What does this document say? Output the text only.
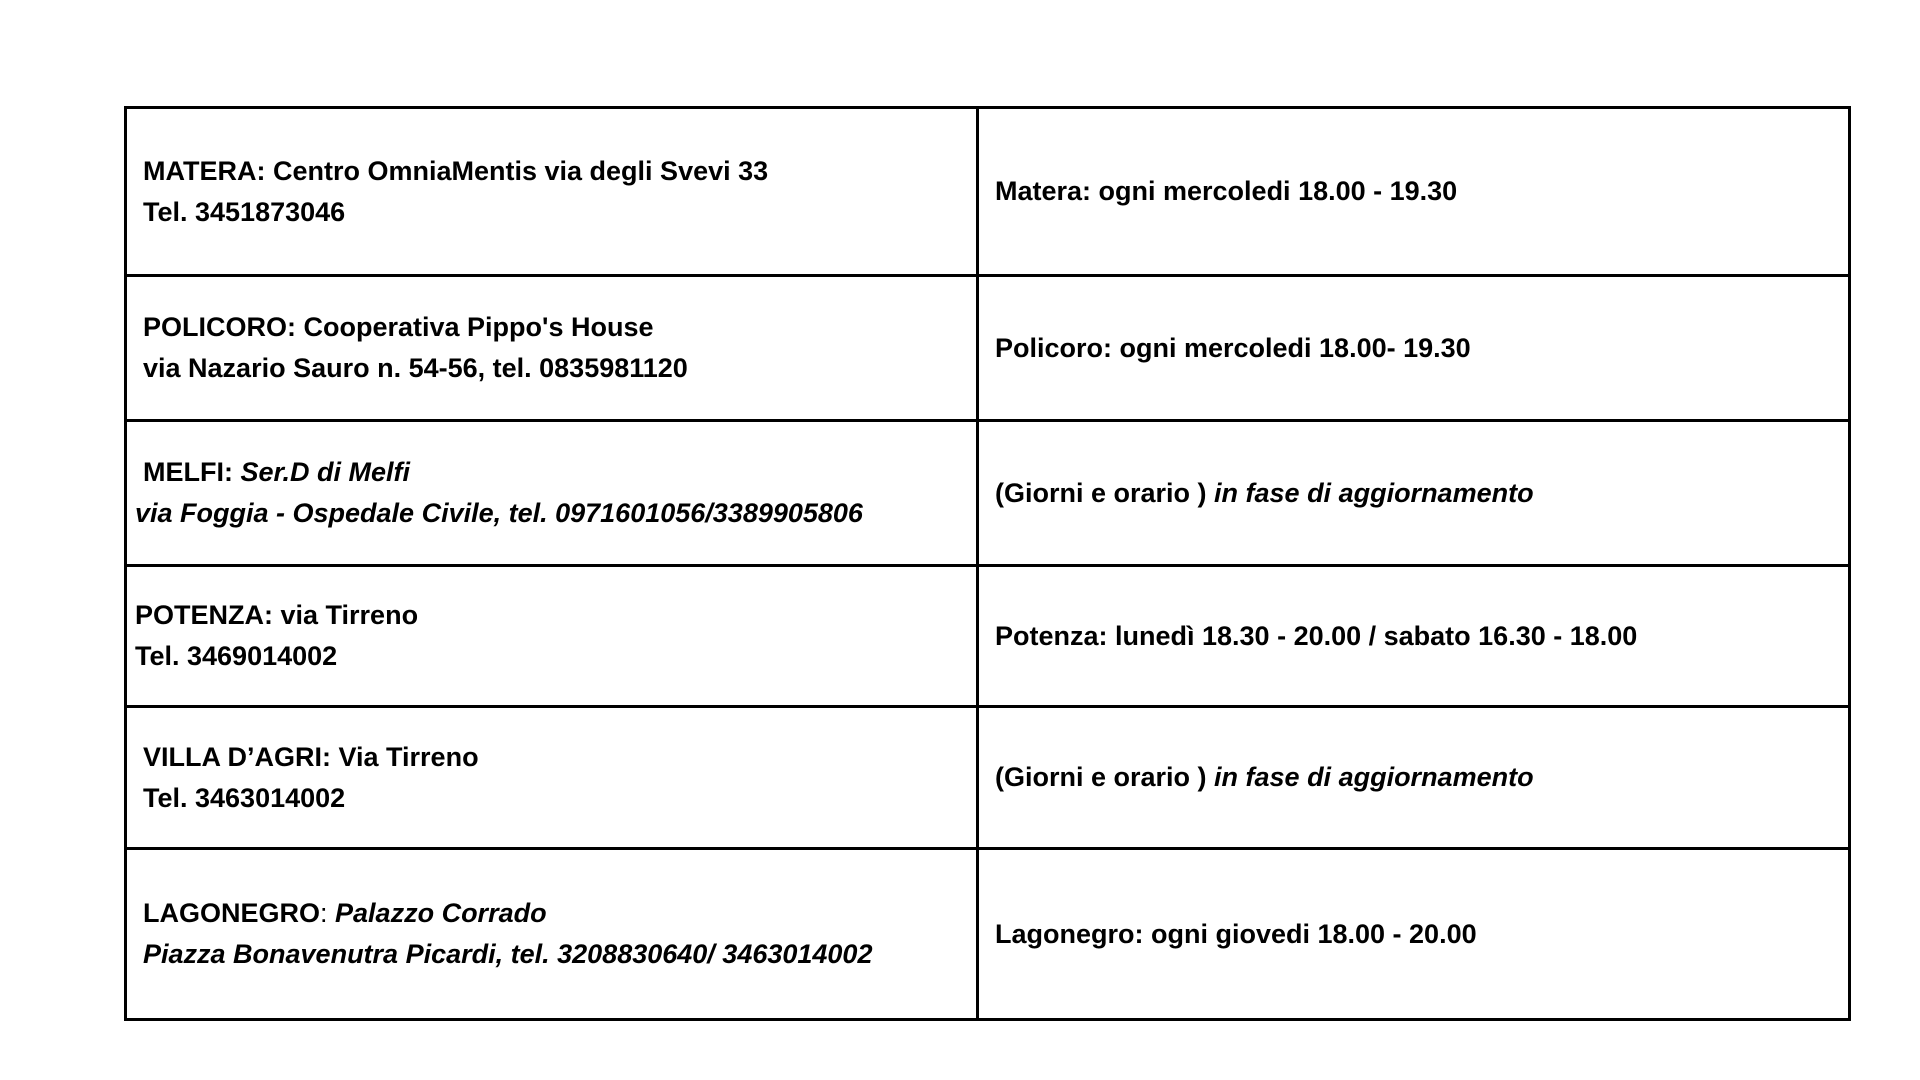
MATERA: Centro OmniaMentis via degli Svevi 33
Tel. 3451873046
Matera: ogni mercoledi 18.00 - 19.30
POLICORO: Cooperativa Pippo's House
via Nazario Sauro n. 54-56, tel. 0835981120
Policoro: ogni mercoledi 18.00- 19.30
MELFI: Ser.D di Melfi
via Foggia - Ospedale Civile, tel. 0971601056/3389905806
(Giorni e orario ) in fase di aggiornamento
POTENZA: via Tirreno
Tel. 3469014002
Potenza: lunedì 18.30 - 20.00 / sabato 16.30 - 18.00
VILLA D’AGRI: Via Tirreno
Tel. 3463014002
(Giorni e orario ) in fase di aggiornamento
LAGONEGRO: Palazzo Corrado
Piazza Bonavenutra Picardi, tel. 3208830640/ 3463014002
Lagonegro: ogni giovedi 18.00 - 20.00
